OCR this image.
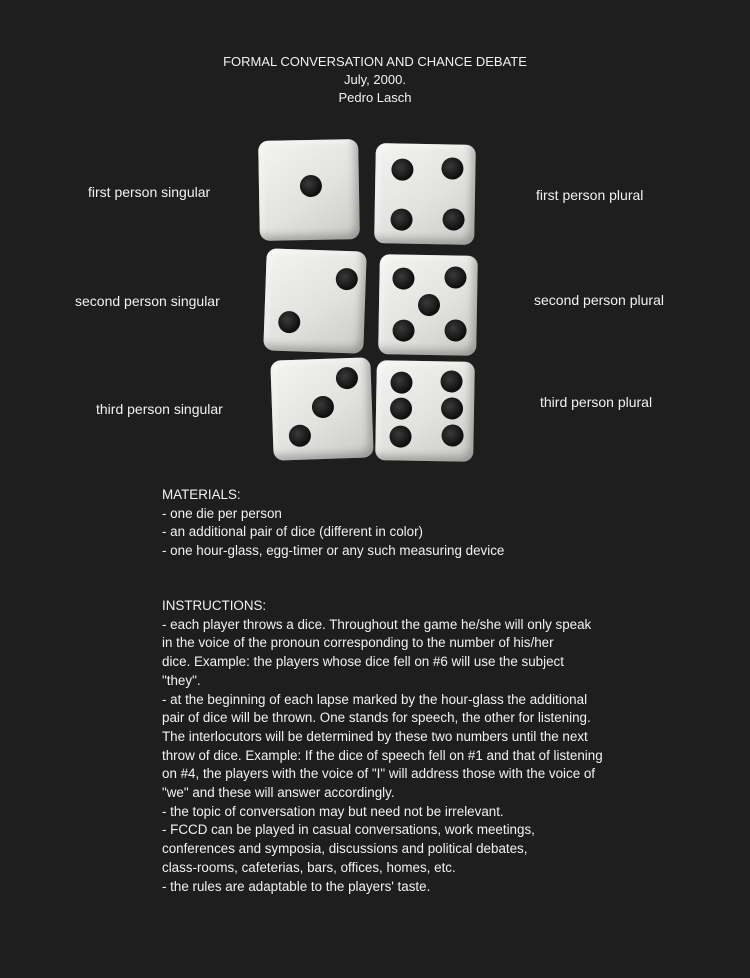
FORMAL CONVERSATION AND CHANCE DEBATE
July, 2000.
Pedro Lasch
first person singular	first person plural
second person singular	second person plural
third person singular	third person plural
MATERIALS:
- one die per person
- an additional pair of dice (different in color)
- one hour-glass, egg-timer or any such measuring device
INSTRUCTIONS:
- each player throws a dice. Throughout the game he/she will only speak
in the voice of the pronoun corresponding to the number of his/her
dice. Example: the players whose dice fell on #6 will use the subject
"they".
- at the beginning of each lapse marked by the hour-glass the additional
pair of dice will be thrown. One stands for speech, the other for listening.
The interlocutors will be determined by these two numbers until the next
throw of dice. Example: If the dice of speech fell on #1 and that of listening
on #4, the players with the voice of "I" will address those with the voice of
"we" and these will answer accordingly.
- the topic of conversation may but need not be irrelevant.
- FCCD can be played in casual conversations, work meetings,
conferences and symposia, discussions and political debates,
class-rooms, cafeterias, bars, offices, homes, etc.
- the rules are adaptable to the players' taste.
